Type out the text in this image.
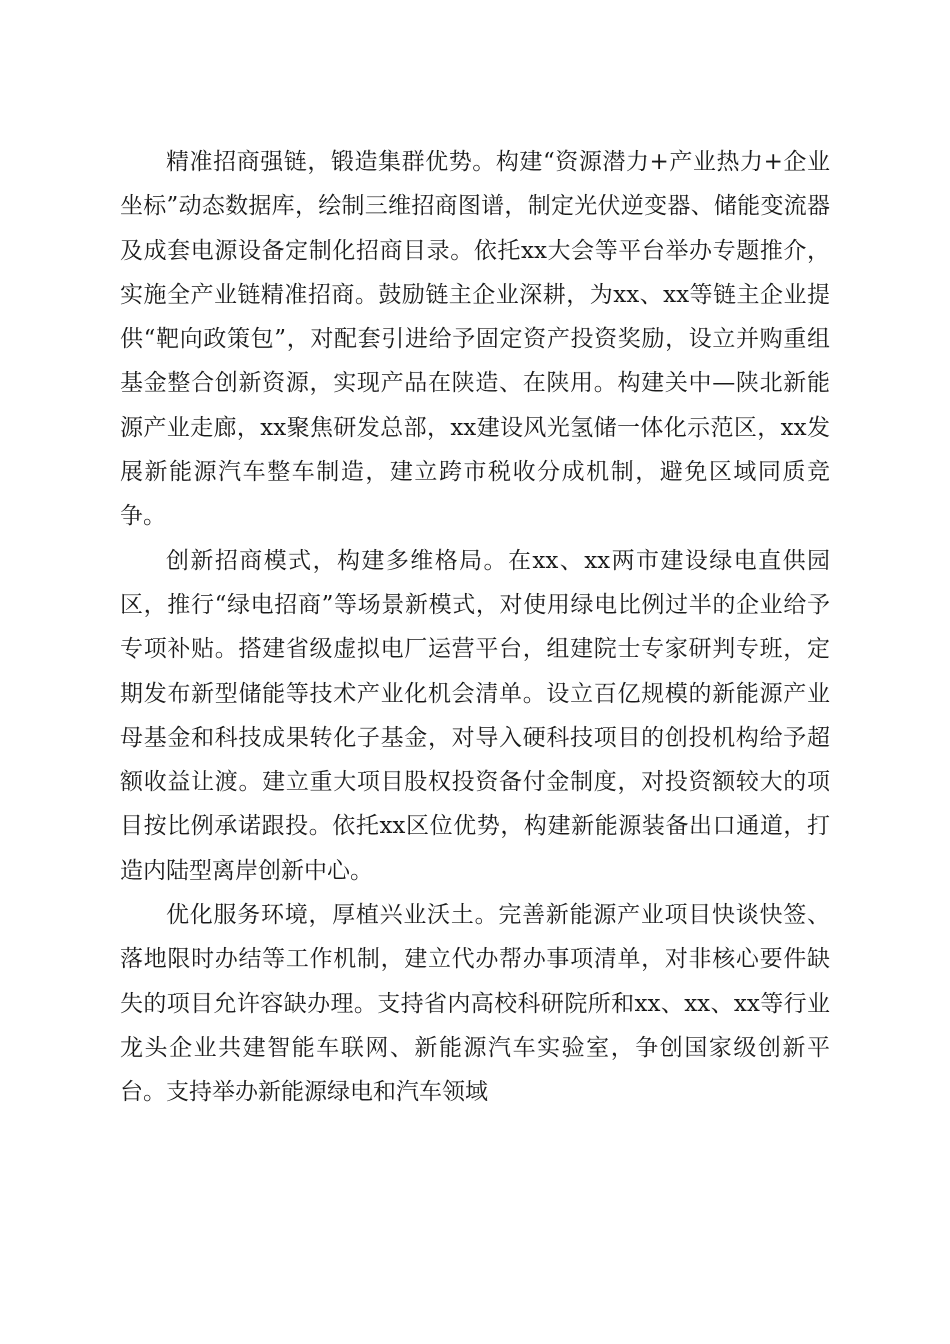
精准招商强链，锻造集群优势。构建“资源潜力+产业热力+企业坐标”动态数据库，绘制三维招商图谱，制定光伏逆变器、储能变流器及成套电源设备定制化招商目录。依托xx大会等平台举办专题推介，实施全产业链精准招商。鼓励链主企业深耕，为xx、xx等链主企业提供“靶向政策包”，对配套引进给予固定资产投资奖励，设立并购重组基金整合创新资源，实现产品在陕造、在陕用。构建关中—陕北新能源产业走廊，xx聚焦研发总部，xx建设风光氢储一体化示范区，xx发展新能源汽车整车制造，建立跨市税收分成机制，避免区域同质竞争。

创新招商模式，构建多维格局。在xx、xx两市建设绿电直供园区，推行“绿电招商”等场景新模式，对使用绿电比例过半的企业给予专项补贴。搭建省级虚拟电厂运营平台，组建院士专家研判专班，定期发布新型储能等技术产业化机会清单。设立百亿规模的新能源产业母基金和科技成果转化子基金，对导入硬科技项目的创投机构给予超额收益让渡。建立重大项目股权投资备付金制度，对投资额较大的项目按比例承诺跟投。依托xx区位优势，构建新能源装备出口通道，打造内陆型离岸创新中心。

优化服务环境，厚植兴业沃土。完善新能源产业项目快谈快签、落地限时办结等工作机制，建立代办帮办事项清单，对非核心要件缺失的项目允许容缺办理。支持省内高校科研院所和xx、xx、xx等行业龙头企业共建智能车联网、新能源汽车实验室，争创国家级创新平台。支持举办新能源绿电和汽车领域
